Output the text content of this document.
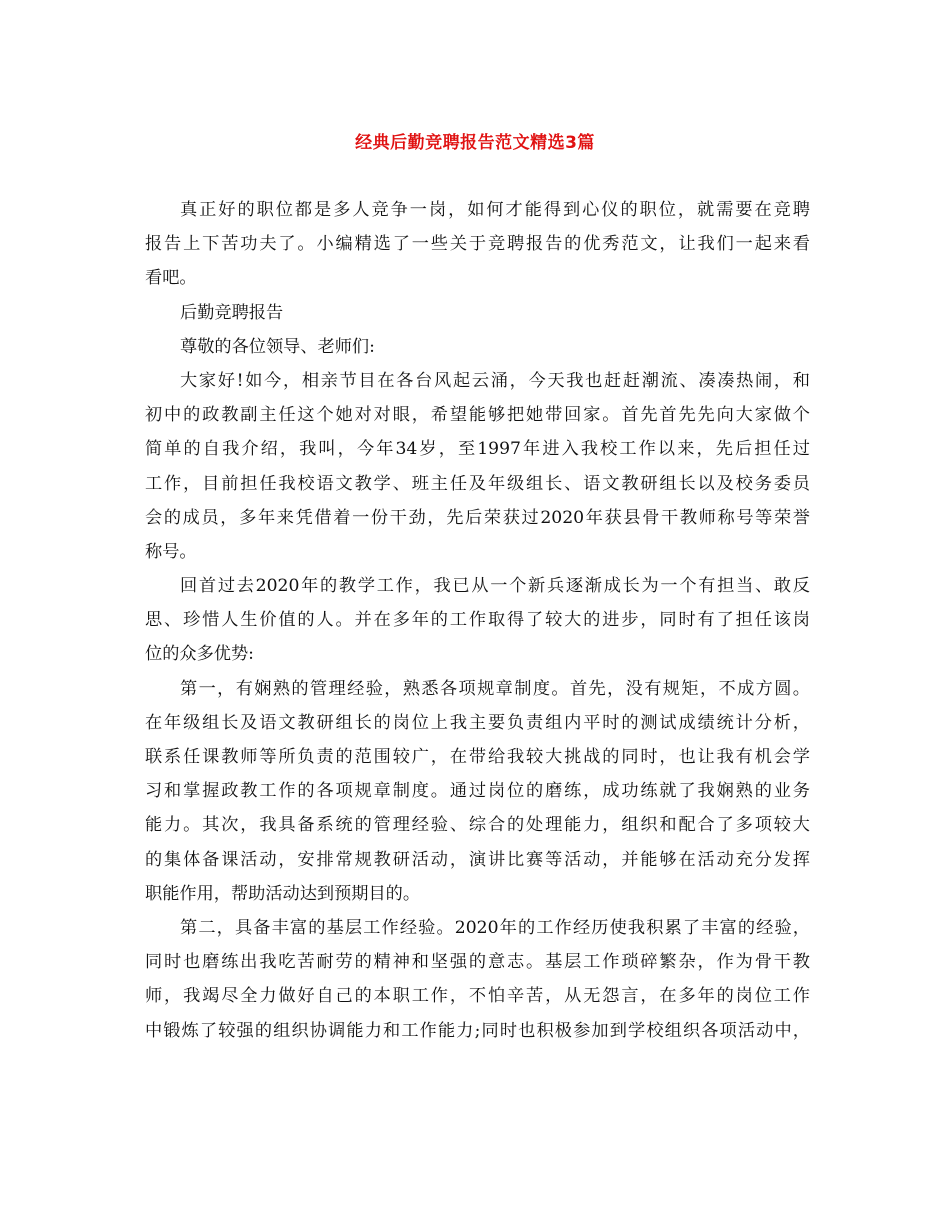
经典后勤竞聘报告范文精选3篇
真正好的职位都是多人竞争一岗，如何才能得到心仪的职位，就需要在竞聘
报告上下苦功夫了。小编精选了一些关于竞聘报告的优秀范文，让我们一起来看
看吧。
后勤竞聘报告
尊敬的各位领导、老师们:
大家好!如今，相亲节目在各台风起云涌，今天我也赶赶潮流、凑凑热闹，和
初中的政教副主任这个她对对眼，希望能够把她带回家。首先首先先向大家做个
简单的自我介绍，我叫，今年34岁，至1997年进入我校工作以来，先后担任过
工作，目前担任我校语文教学、班主任及年级组长、语文教研组长以及校务委员
会的成员，多年来凭借着一份干劲，先后荣获过2020年获县骨干教师称号等荣誉
称号。
回首过去2020年的教学工作，我已从一个新兵逐渐成长为一个有担当、敢反
思、珍惜人生价值的人。并在多年的工作取得了较大的进步，同时有了担任该岗
位的众多优势:
第一，有娴熟的管理经验，熟悉各项规章制度。首先，没有规矩，不成方圆。
在年级组长及语文教研组长的岗位上我主要负责组内平时的测试成绩统计分析，
联系任课教师等所负责的范围较广，在带给我较大挑战的同时，也让我有机会学
习和掌握政教工作的各项规章制度。通过岗位的磨练，成功练就了我娴熟的业务
能力。其次，我具备系统的管理经验、综合的处理能力，组织和配合了多项较大
的集体备课活动，安排常规教研活动，演讲比赛等活动，并能够在活动充分发挥
职能作用，帮助活动达到预期目的。
第二，具备丰富的基层工作经验。2020年的工作经历使我积累了丰富的经验，
同时也磨练出我吃苦耐劳的精神和坚强的意志。基层工作琐碎繁杂，作为骨干教
师，我竭尽全力做好自己的本职工作，不怕辛苦，从无怨言，在多年的岗位工作
中锻炼了较强的组织协调能力和工作能力;同时也积极参加到学校组织各项活动中，
